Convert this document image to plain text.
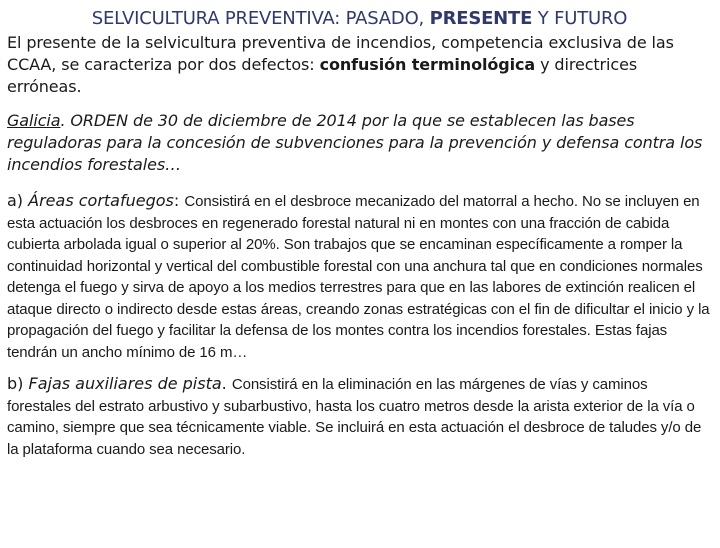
SELVICULTURA PREVENTIVA: PASADO, PRESENTE Y FUTURO

El presente de la selvicultura preventiva de incendios, competencia exclusiva de las CCAA, se caracteriza por dos defectos: confusión terminológica y directrices erróneas.

Galicia. ORDEN de 30 de diciembre de 2014 por la que se establecen las bases reguladoras para la concesión de subvenciones para la prevención y defensa contra los incendios forestales…

a) Áreas cortafuegos: Consistirá en el desbroce mecanizado del matorral a hecho. No se incluyen en esta actuación los desbroces en regenerado forestal natural ni en montes con una fracción de cabida cubierta arbolada igual o superior al 20%. Son trabajos que se encaminan específicamente a romper la continuidad horizontal y vertical del combustible forestal con una anchura tal que en condiciones normales detenga el fuego y sirva de apoyo a los medios terrestres para que en las labores de extinción realicen el ataque directo o indirecto desde estas áreas, creando zonas estratégicas con el fin de dificultar el inicio y la propagación del fuego y facilitar la defensa de los montes contra los incendios forestales. Estas fajas tendrán un ancho mínimo de 16 m…

b) Fajas auxiliares de pista. Consistirá en la eliminación en las márgenes de vías y caminos forestales del estrato arbustivo y subarbustivo, hasta los cuatro metros desde la arista exterior de la vía o camino, siempre que sea técnicamente viable. Se incluirá en esta actuación el desbroce de taludes y/o de la plataforma cuando sea necesario.
